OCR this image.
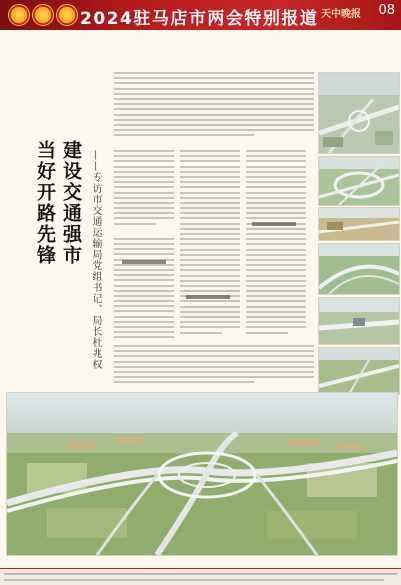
2024驻马店市两会特别报道 天中晚报 08
当好开路先锋 建设交通强市 ——专访市交通运输局党组书记、局长杜兆权
